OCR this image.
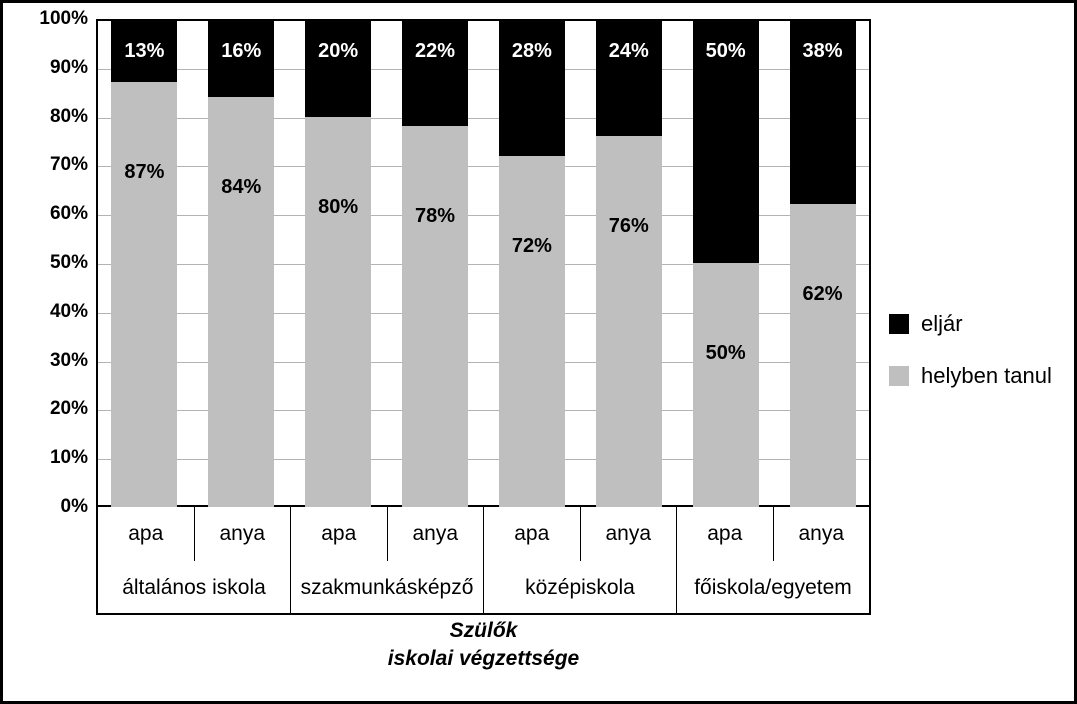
0%
10%
20%
30%
40%
50%
60%
70%
80%
90%
100%
13%
87%
16%
84%
20%
80%
22%
78%
28%
72%
24%
76%
50%
50%
38%
62%
apa	anya	apa	anya	apa	anya	apa	anya
általános iskola	szakmunkásképző	középiskola	főiskola/egyetem
Szülők
iskolai végzettsége
eljár
helyben tanul
